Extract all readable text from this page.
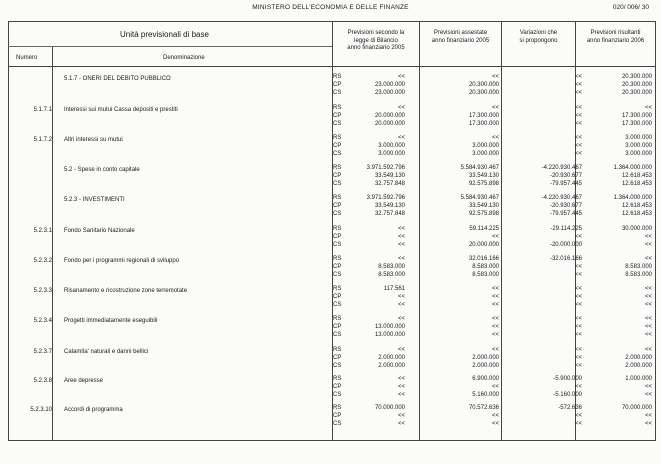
MINISTERO DELL'ECONOMIA E DELLE FINANZE	020/ 006/ 30
Unità previsionali di base
Numero	Denominazione
Previsioni secondo la
legge di Bilancio
anno finanziario 2005
Previsioni assestate
anno finanziario 2005
Variazioni che
si propongono
Previsioni risultanti
anno finanziario 2006
5.1.7 - ONERI DEL DEBITO PUBBLICO	RS	<<	<<	<<	20.300.000
CP	23.000.000	20.300.000	<<	20.300.000
CS	23.000.000	20.300.000	<<	20.300.000
5.1.7.1 Interessi sui mutui Cassa depositi e prestiti	RS	<<	<<	<<	<<
CP	20.000.000	17.300.000	<<	17.300.000
CS	20.000.000	17.300.000	<<	17.300.000
5.1.7.2 Altri interessi su mutui	RS	<<	<<	<<	3.000.000
CP	3.000.000	3.000.000	<<	3.000.000
CS	3.000.000	3.000.000	<<	3.000.000
5.2 - Spese in conto capitale	RS	3.971.592.796	5.584.930.467	-4.220.930.467	1.364.000.000
CP	33.549.130	33.549.130	-20.930.677	12.618.453
CS	32.757.848	92.575.898	-79.957.445	12.618.453
5.2.3 - INVESTIMENTI	RS	3.971.592.796	5.584.930.467	-4.220.930.467	1.364.000.000
CP	33.549.130	33.549.130	-20.930.677	12.618.453
CS	32.757.848	92.575.898	-79.957.445	12.618.453
5.2.3.1 Fondo Sanitario Nazionale	RS	<<	59.114.225	-29.114.225	30.000.000
CP	<<	<<	<<	<<
CS	<<	20.000.000	-20.000.000	<<
5.2.3.2 Fondo per i programmi regionali di sviluppo	RS	<<	32.016.166	-32.016.166	<<
CP	8.583.000	8.583.000	<<	8.583.000
CS	8.583.000	8.583.000	<<	8.583.000
5.2.3.3 Risanamento e ricostruzione zone terremotate	RS	117.561	<<	<<	<<
CP	<<	<<	<<	<<
CS	<<	<<	<<	<<
5.2.3.4 Progetti immediatamente eseguibili	RS	<<	<<	<<	<<
CP	13.000.000	<<	<<	<<
CS	13.000.000	<<	<<	<<
5.2.3.7 Calamita' naturali e danni bellici	RS	<<	<<	<<	<<
CP	2.000.000	2.000.000	<<	2.000.000
CS	2.000.000	2.000.000	<<	2.000.000
5.2.3.8 Aree depresse	RS	<<	6.900.000	-5.900.000	1.000.000
CP	<<	<<	<<	<<
CS	<<	5.160.000	-5.160.000	<<
5.2.3.10 Accordi di programma	RS	70.000.000	70.572.636	-572.636	70.000.000
CP	<<	<<	<<	<<
CS	<<	<<	<<	<<
